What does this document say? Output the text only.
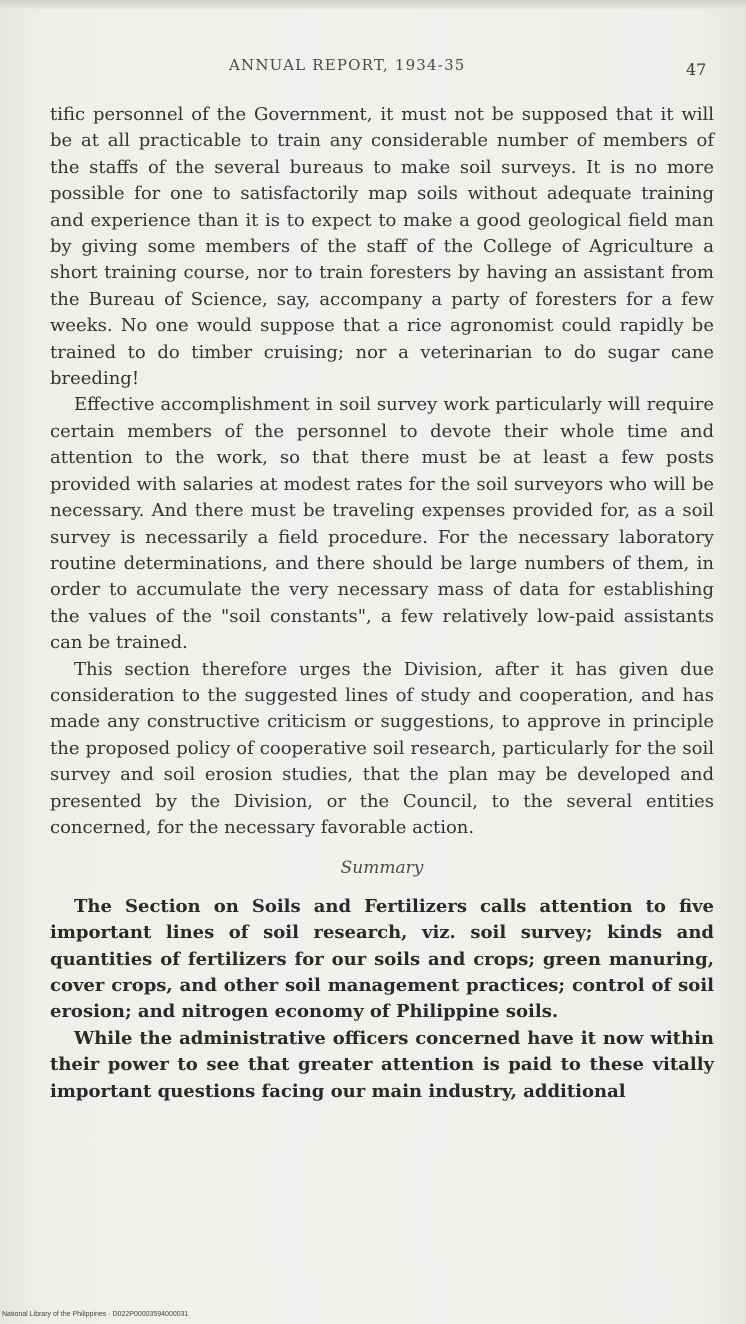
ANNUAL REPORT, 1934-35	47

tific personnel of the Government, it must not be supposed that it will be at all practicable to train any considerable number of members of the staffs of the several bureaus to make soil surveys. It is no more possible for one to satisfactorily map soils without adequate training and experience than it is to expect to make a good geological field man by giving some members of the staff of the College of Agriculture a short training course, nor to train foresters by having an assistant from the Bureau of Science, say, accompany a party of foresters for a few weeks. No one would suppose that a rice agronomist could rapidly be trained to do timber cruising; nor a veterinarian to do sugar cane breeding!

Effective accomplishment in soil survey work particularly will require certain members of the personnel to devote their whole time and attention to the work, so that there must be at least a few posts provided with salaries at modest rates for the soil surveyors who will be necessary. And there must be traveling expenses provided for, as a soil survey is necessarily a field procedure. For the necessary laboratory routine determinations, and there should be large numbers of them, in order to accumulate the very necessary mass of data for establishing the values of the "soil constants", a few relatively low-paid assistants can be trained.

This section therefore urges the Division, after it has given due consideration to the suggested lines of study and cooperation, and has made any constructive criticism or suggestions, to approve in principle the proposed policy of cooperative soil research, particularly for the soil survey and soil erosion studies, that the plan may be developed and presented by the Division, or the Council, to the several entities concerned, for the necessary favorable action.

Summary

The Section on Soils and Fertilizers calls attention to five important lines of soil research, viz. soil survey; kinds and quantities of fertilizers for our soils and crops; green manuring, cover crops, and other soil management practices; control of soil erosion; and nitrogen economy of Philippine soils.

While the administrative officers concerned have it now within their power to see that greater attention is paid to these vitally important questions facing our main industry, additional

National Library of the Philippines · D022P00003594000031
